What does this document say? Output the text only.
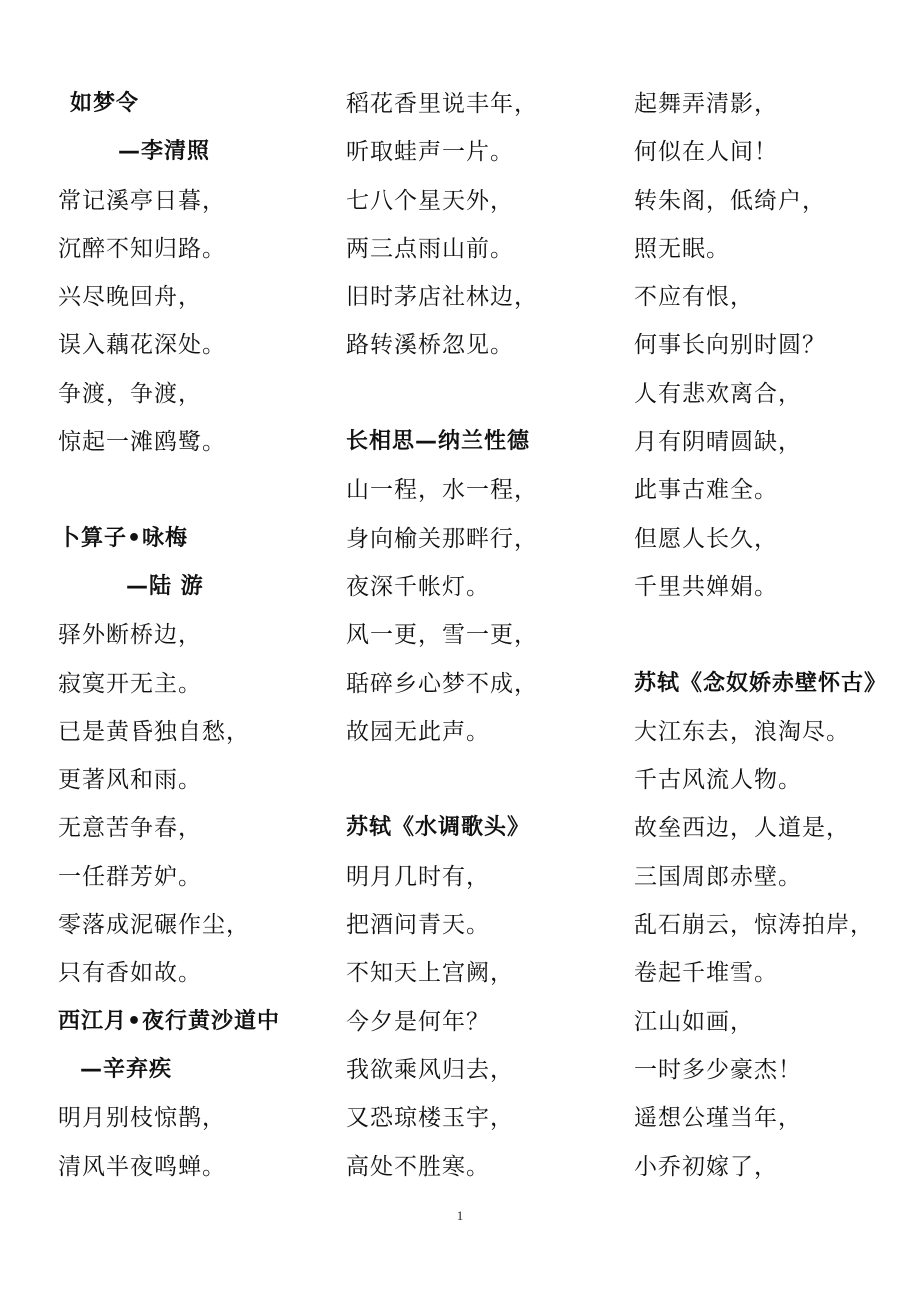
如梦令
—李清照
常记溪亭日暮，
沉醉不知归路。
兴尽晚回舟，
误入藕花深处。
争渡，争渡，
惊起一滩鸥鹭。
卜算子•咏梅
—陆 游
驿外断桥边，
寂寞开无主。
已是黄昏独自愁，
更著风和雨。
无意苦争春，
一任群芳妒。
零落成泥碾作尘，
只有香如故。
西江月•夜行黄沙道中
—辛弃疾
明月别枝惊鹊，
清风半夜鸣蝉。
稻花香里说丰年，
听取蛙声一片。
七八个星天外，
两三点雨山前。
旧时茅店社林边，
路转溪桥忽见。
长相思—纳兰性德
山一程，水一程，
身向榆关那畔行，
夜深千帐灯。
风一更，雪一更，
聒碎乡心梦不成，
故园无此声。
苏轼《水调歌头》
明月几时有，
把酒问青天。
不知天上宫阙，
今夕是何年？
我欲乘风归去，
又恐琼楼玉宇，
高处不胜寒。
起舞弄清影，
何似在人间！
转朱阁，低绮户，
照无眠。
不应有恨，
何事长向别时圆？
人有悲欢离合，
月有阴晴圆缺，
此事古难全。
但愿人长久，
千里共婵娟。
苏轼《念奴娇赤壁怀古》
大江东去，浪淘尽。
千古风流人物。
故垒西边，人道是，
三国周郎赤壁。
乱石崩云，惊涛拍岸，
卷起千堆雪。
江山如画，
一时多少豪杰！
遥想公瑾当年，
小乔初嫁了，
1
